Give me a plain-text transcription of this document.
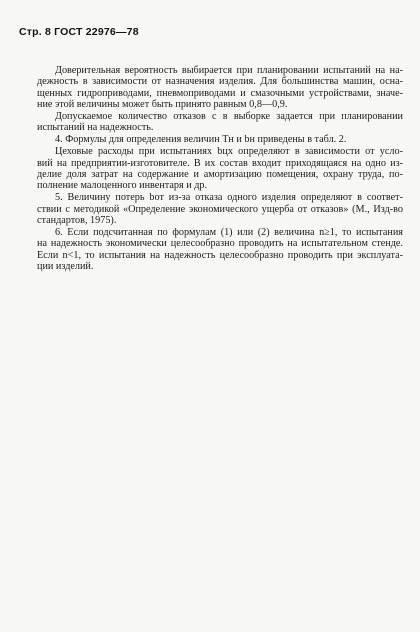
Стр. 8 ГОСТ 22976—78

Доверительная вероятность выбирается при планировании испытаний на на-
дежность в зависимости от назначения изделия. Для большинства машин, осна-
щенных гидроприводами, пневмоприводами и смазочными устройствами, значе-
ние этой величины может быть принято равным 0,8—0,9.

Допускаемое количество отказов c в выборке задается при планировании
испытаний на надежность.

4. Формулы для определения величин Tн и bн приведены в табл. 2.

Цеховые расходы при испытаниях bцх определяют в зависимости от усло-
вий на предприятии-изготовителе. В их состав входит приходящаяся на одно из-
делие доля затрат на содержание и амортизацию помещения, охрану труда, по-
полнение малоценного инвентаря и др.

5. Величину потерь bот из-за отказа одного изделия определяют в соответ-
ствии с методикой «Определение экономического ущерба от отказов» (М., Изд-во
стандартов, 1975).

6. Если подсчитанная по формулам (1) или (2) величина n≥1, то испытания
на надежность экономически целесообразно проводить на испытательном стенде.
Если n<1, то испытания на надежность целесообразно проводить при эксплуата-
ции изделий.
